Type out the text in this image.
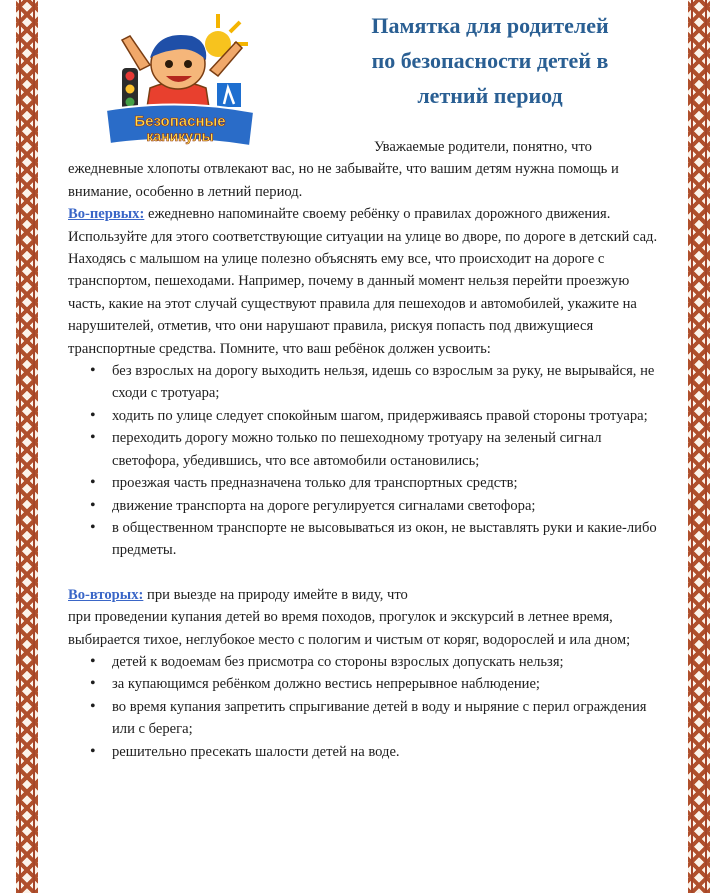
Безопасные
каникулы
Памятка для родителей
по безопасности детей в
летний период

Уважаемые родители, понятно, что ежедневные хлопоты отвлекают вас, но не забывайте, что вашим детям нужна помощь и внимание, особенно в летний период.

Во-первых: ежедневно напоминайте своему ребёнку о правилах дорожного движения. Используйте для этого соответствующие ситуации на улице во дворе, по дороге в детский сад. Находясь с малышом на улице полезно объяснять ему все, что происходит на дороге с транспортом, пешеходами. Например, почему в данный момент нельзя перейти проезжую часть, какие на этот случай существуют правила для пешеходов и автомобилей, укажите на нарушителей, отметив, что они нарушают правила, рискуя попасть под движущиеся транспортные средства. Помните, что ваш ребёнок должен усвоить:

• без взрослых на дорогу выходить нельзя, идешь со взрослым за руку, не вырывайся, не сходи с тротуара;
• ходить по улице следует спокойным шагом, придерживаясь правой стороны тротуара;
• переходить дорогу можно только по пешеходному тротуару на зеленый сигнал светофора, убедившись, что все автомобили остановились;
• проезжая часть предназначена только для транспортных средств;
• движение транспорта на дороге регулируется сигналами светофора;
• в общественном транспорте не высовываться из окон, не выставлять руки и какие-либо предметы.

Во-вторых: при выезде на природу имейте в виду, что
при проведении купания детей во время походов, прогулок и экскурсий в летнее время, выбирается тихое, неглубокое место с пологим и чистым от коряг, водорослей и ила дном;

• детей к водоемам без присмотра со стороны взрослых допускать нельзя;
• за купающимся ребёнком должно вестись непрерывное наблюдение;
• во время купания запретить спрыгивание детей в воду и ныряние с перил ограждения или с берега;
• решительно пресекать шалости детей на воде.
